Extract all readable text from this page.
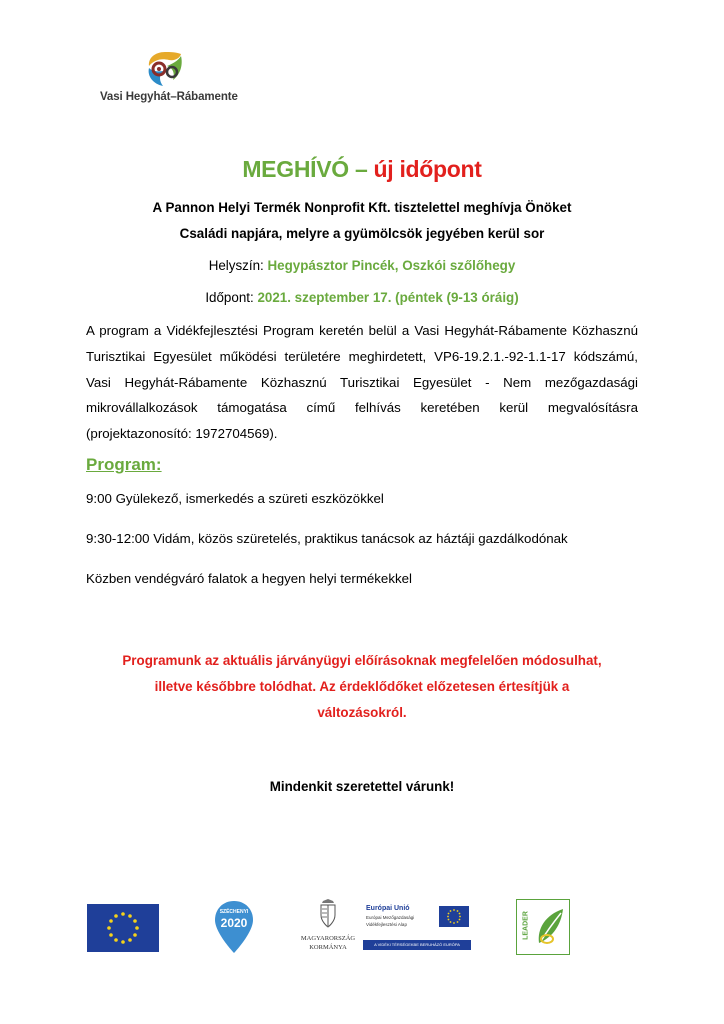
Vasi Hegyhát–Rábamente
MEGHÍVÓ – új időpont
A Pannon Helyi Termék Nonprofit Kft. tisztelettel meghívja Önöket
Családi napjára, melyre a gyümölcsök jegyében kerül sor
Helyszín: Hegypásztor Pincék, Oszkói szőlőhegy
Időpont: 2021. szeptember 17. (péntek (9-13 óráig)
A program a Vidékfejlesztési Program keretén belül a Vasi Hegyhát-Rábamente Közhasznú Turisztikai Egyesület működési területére meghirdetett, VP6-19.2.1.-92-1.1-17 kódszámú, Vasi Hegyhát-Rábamente Közhasznú Turisztikai Egyesület - Nem mezőgazdasági mikrovállalkozások támogatása című felhívás keretében kerül megvalósításra (projektazonosító: 1972704569).
Program:
9:00 Gyülekező, ismerkedés a szüreti eszközökkel
9:30-12:00 Vidám, közös szüretelés, praktikus tanácsok az háztáji gazdálkodónak
Közben vendégváró falatok a hegyen helyi termékekkel
Programunk az aktuális járványügyi előírásoknak megfelelően módosulhat,
illetve későbbre tolódhat. Az érdeklődőket előzetesen értesítjük a
változásokról.
Mindenkit szeretettel várunk!
SZÉCHENYI
2020
MAGYARORSZÁG
KORMÁNYA
Európai Unió
Európai Mezőgazdasági
Vidékfejlesztési Alap
A VIDÉKI TÉRSÉGEKBE BERUHÁZÓ EURÓPA
LEADER
